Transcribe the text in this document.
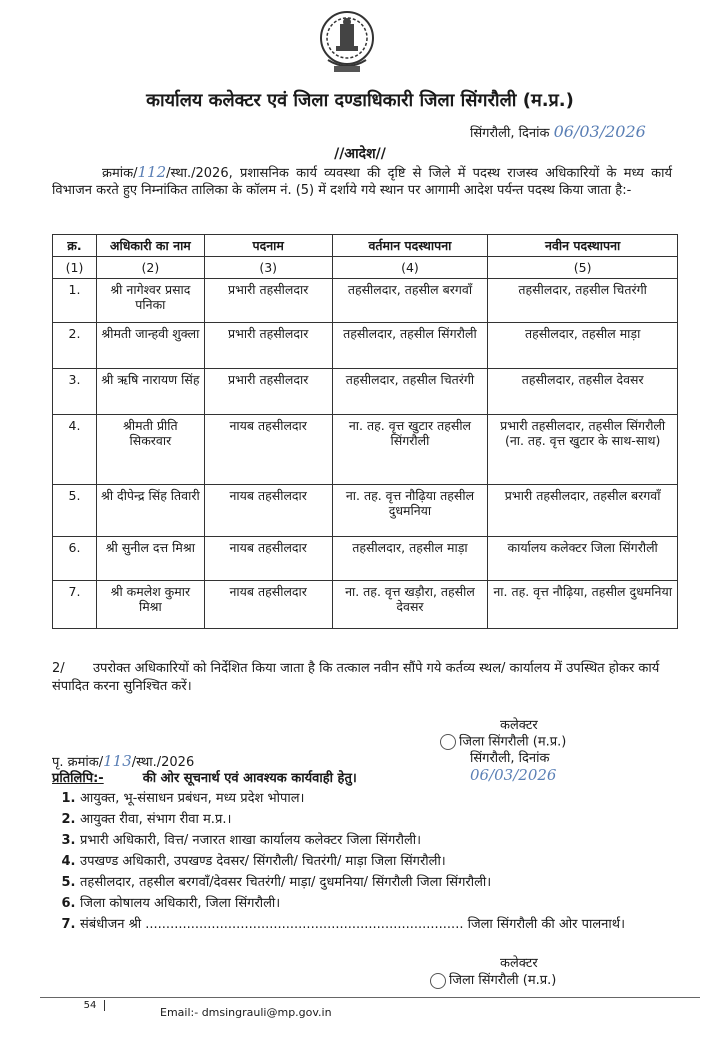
कार्यालय कलेक्टर एवं जिला दण्डाधिकारी जिला सिंगरौली (म.प्र.)
सिंगरौली, दिनांक 06/03/2026
//आदेश//
क्रमांक/112/स्था./2026, प्रशासनिक कार्य व्यवस्था की दृष्टि से जिले में पदस्थ राजस्व अधिकारियों के मध्य कार्य विभाजन करते हुए निम्नांकित तालिका के कॉलम नं. (5) में दर्शाये गये स्थान पर आगामी आदेश पर्यन्त पदस्थ किया जाता है:-
क्र.	अधिकारी का नाम	पदनाम	वर्तमान पदस्थापना	नवीन पदस्थापना
(1)	(2)	(3)	(4)	(5)
1.	श्री नागेश्वर प्रसाद पनिका	प्रभारी तहसीलदार	तहसीलदार, तहसील बरगवाँ	तहसीलदार, तहसील चितरंगी
2.	श्रीमती जान्हवी शुक्ला	प्रभारी तहसीलदार	तहसीलदार, तहसील सिंगरौली	तहसीलदार, तहसील माड़ा
3.	श्री ऋषि नारायण सिंह	प्रभारी तहसीलदार	तहसीलदार, तहसील चितरंगी	तहसीलदार, तहसील देवसर
4.	श्रीमती प्रीति सिकरवार	नायब तहसीलदार	ना. तह. वृत्त खुटार तहसील सिंगरौली	प्रभारी तहसीलदार, तहसील सिंगरौली (ना. तह. वृत्त खुटार के साथ-साथ)
5.	श्री दीपेन्द्र सिंह तिवारी	नायब तहसीलदार	ना. तह. वृत्त नौढ़िया तहसील दुधमनिया	प्रभारी तहसीलदार, तहसील बरगवाँ
6.	श्री सुनील दत्त मिश्रा	नायब तहसीलदार	तहसीलदार, तहसील माड़ा	कार्यालय कलेक्टर जिला सिंगरौली
7.	श्री कमलेश कुमार मिश्रा	नायब तहसीलदार	ना. तह. वृत्त खड़ौरा, तहसील देवसर	ना. तह. वृत्त नौढ़िया, तहसील दुधमनिया
2/ उपरोक्त अधिकारियों को निर्देशित किया जाता है कि तत्काल नवीन सौंपे गये कर्तव्य स्थल/ कार्यालय में उपस्थित होकर कार्य संपादित करना सुनिश्चित करें।
कलेक्टर
जिला सिंगरौली (म.प्र.)
सिंगरौली, दिनांक 06/03/2026
पृ. क्रमांक/113/स्था./2026
प्रतिलिपि:-	की ओर सूचनार्थ एवं आवश्यक कार्यवाही हेतु।
1. आयुक्त, भू-संसाधन प्रबंधन, मध्य प्रदेश भोपाल।
2. आयुक्त रीवा, संभाग रीवा म.प्र.।
3. प्रभारी अधिकारी, वित्त/ नजारत शाखा कार्यालय कलेक्टर जिला सिंगरौली।
4. उपखण्ड अधिकारी, उपखण्ड देवसर/ सिंगरौली/ चितरंगी/ माड़ा जिला सिंगरौली।
5. तहसीलदार, तहसील बरगवाँ/देवसर चितरंगी/ माड़ा/ दुधमनिया/ सिंगरौली जिला सिंगरौली।
6. जिला कोषालय अधिकारी, जिला सिंगरौली।
7. संबंधीजन श्री ............................................................................. जिला सिंगरौली की ओर पालनार्थ।
कलेक्टर
जिला सिंगरौली (म.प्र.)
54
Email:- dmsingrauli@mp.gov.in
